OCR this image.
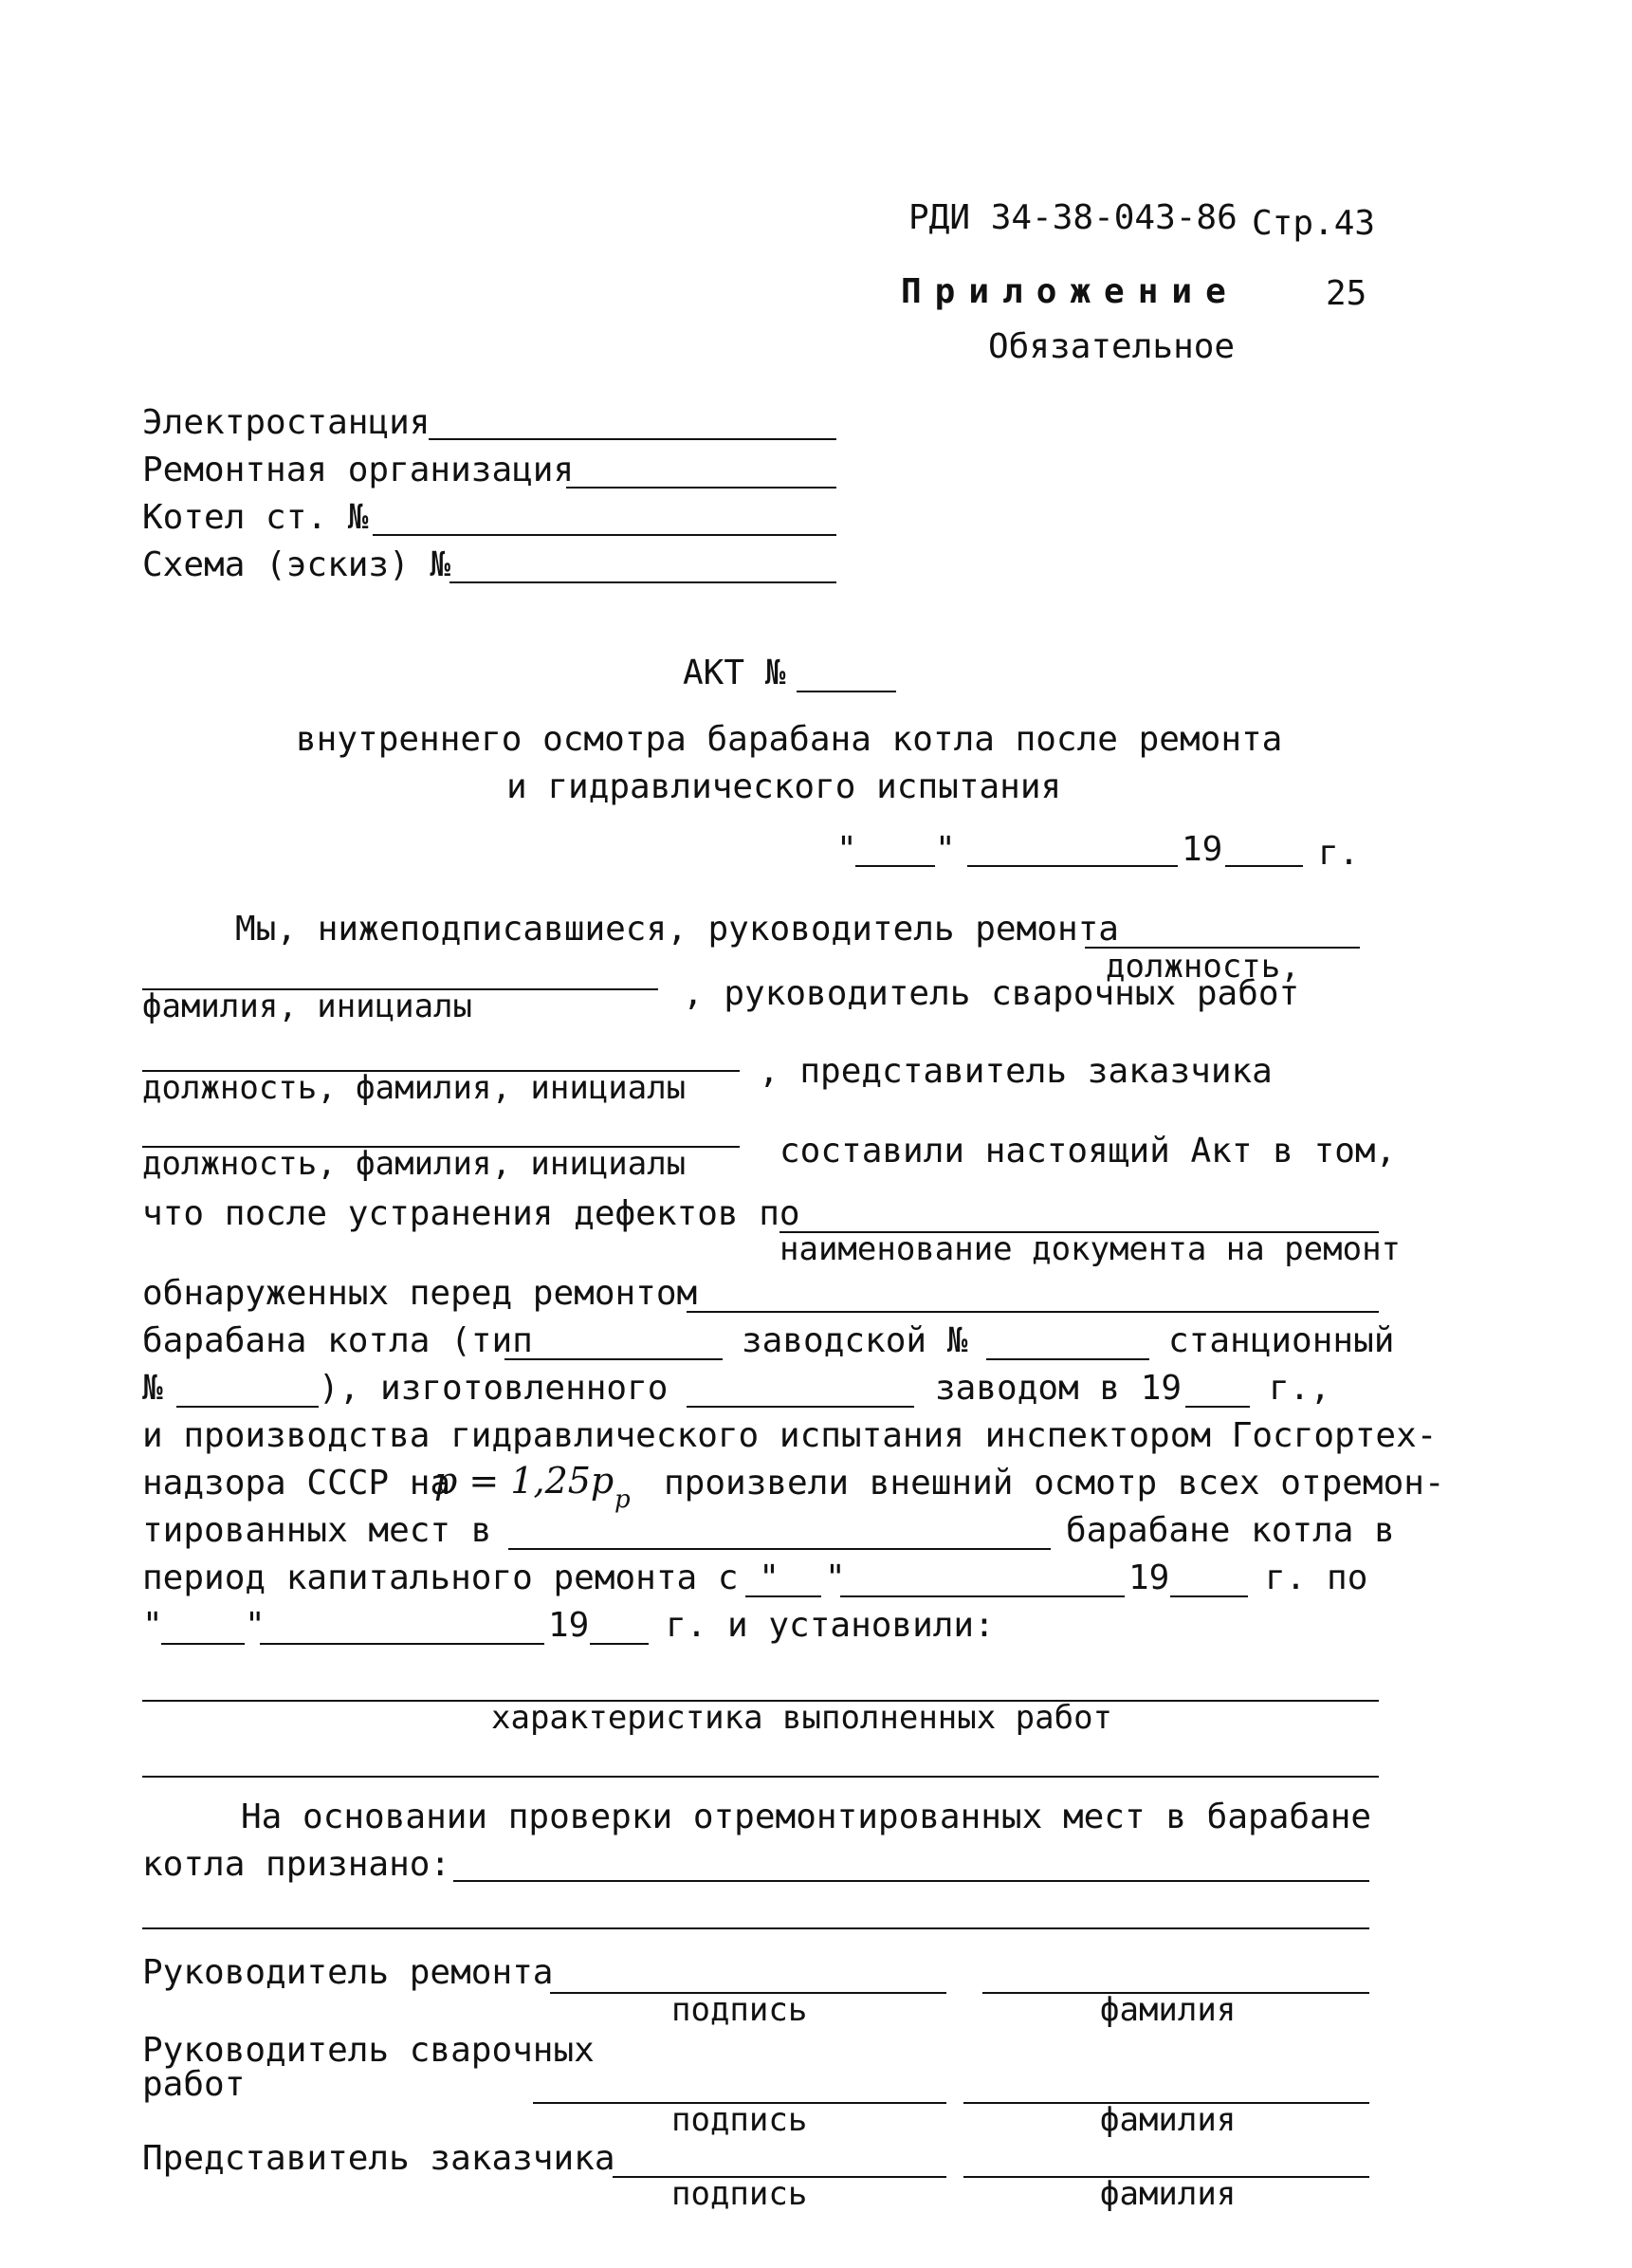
РДИ 34-38-043-86 Стр.43
Приложение	25
Обязательное
Электростанция
Ремонтная организация
Котел ст. №
Схема (эскиз) №
АКТ №
внутреннего осмотра барабана котла после ремонта
и гидравлического испытания
" "	19	г.
Мы, нижеподписавшиеся, руководитель ремонта
должность,
фамилия, инициалы	, руководитель сварочных работ
должность, фамилия, инициалы , представитель заказчика
должность, фамилия, инициалы	составили настоящий Акт в том,
что после устранения дефектов по
наименование документа на ремонт
обнаруженных перед ремонтом
барабана котла (тип	заводской №	станционный
№	), изготовленного	заводом в 19	г.,
и производства гидравлического испытания инспектором Госгортех-
надзора СССР на
р = 1,25р р произвели внешний осмотр всех отремон-
тированных мест в	барабане котла в
период капитального ремонта с " "	19	г. по
" "	19 г. и установили:
характеристика выполненных работ
На основании проверки отремонтированных мест в барабане
котла признано:
Руководитель ремонта
подпись	фамилия
Руководитель сварочных
работ
подпись	фамилия
Представитель заказчика
подпись	фамилия
